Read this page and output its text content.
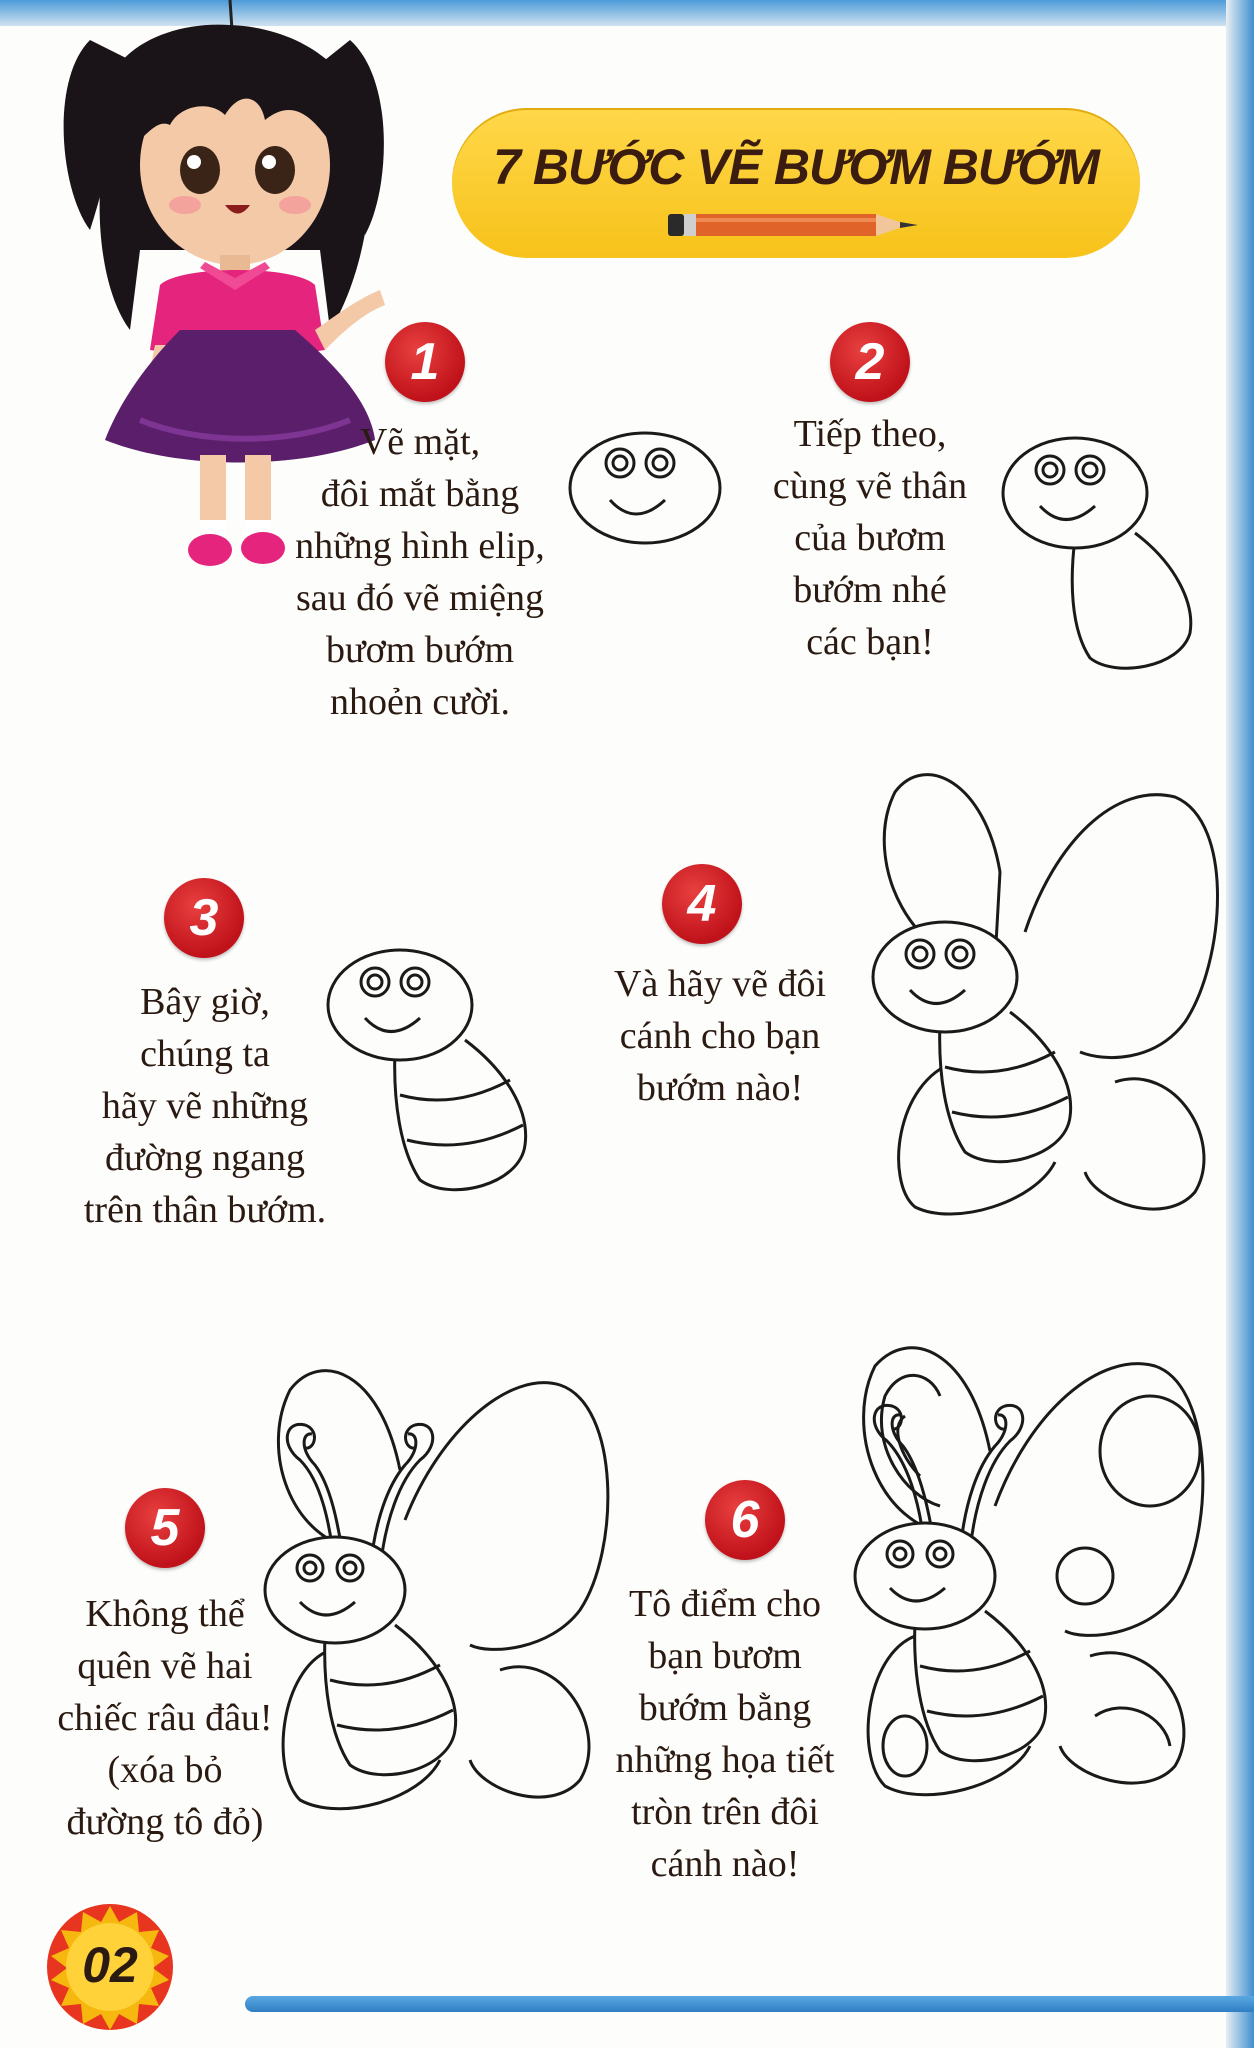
7 BƯỚC VẼ BƯƠM BƯỚM
1
Vẽ mặt,
đôi mắt bằng
những hình elip,
sau đó vẽ miệng
bươm bướm
nhoẻn cười.
2
Tiếp theo,
cùng vẽ thân
của bươm
bướm nhé
các bạn!
3
Bây giờ,
chúng ta
hãy vẽ những
đường ngang
trên thân bướm.
4
Và hãy vẽ đôi
cánh cho bạn
bướm nào!
5
Không thể
quên vẽ hai
chiếc râu đâu!
(xóa bỏ
đường tô đỏ)
6
Tô điểm cho
bạn bươm
bướm bằng
những họa tiết
tròn trên đôi
cánh nào!
02
